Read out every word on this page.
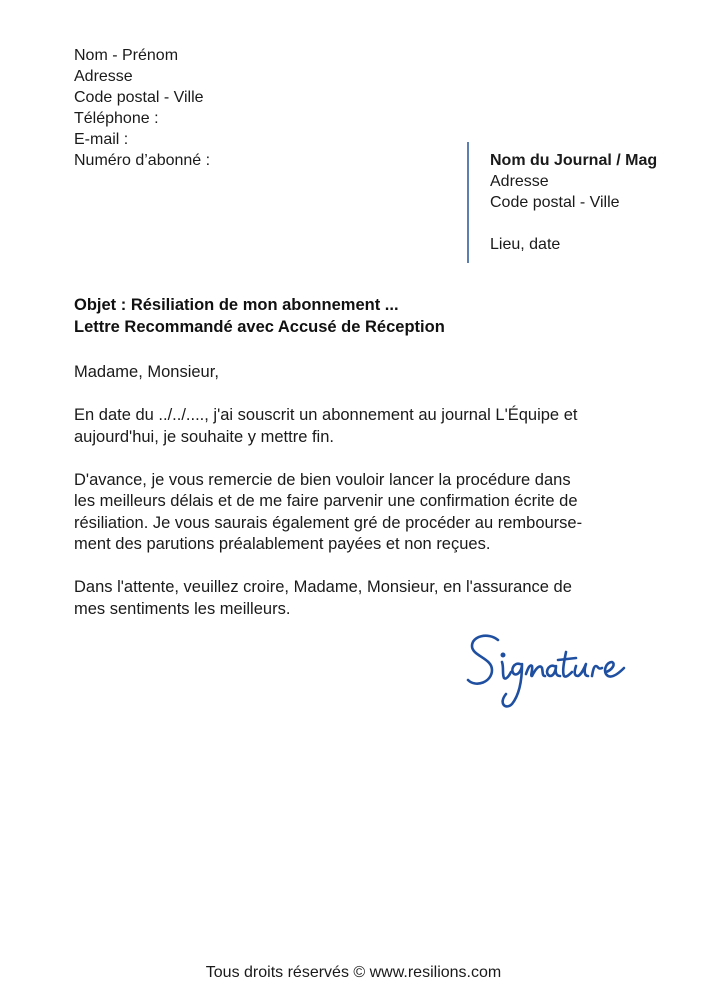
Nom - Prénom
Adresse
Code postal - Ville
Téléphone :
E-mail :
Numéro d’abonné :	Nom du Journal / Mag
Adresse
Code postal - Ville
Lieu, date
Objet : Résiliation de mon abonnement ...
Lettre Recommandé avec Accusé de Réception

Madame, Monsieur,

En date du ../../...., j'ai souscrit un abonnement au journal L'Équipe et
aujourd'hui, je souhaite y mettre fin.

D'avance, je vous remercie de bien vouloir lancer la procédure dans
les meilleurs délais et de me faire parvenir une confirmation écrite de
résiliation. Je vous saurais également gré de procéder au rembourse-
ment des parutions préalablement payées et non reçues.

Dans l'attente, veuillez croire, Madame, Monsieur, en l'assurance de
mes sentiments les meilleurs.

Signature
Tous droits réservés © www.resilions.com
